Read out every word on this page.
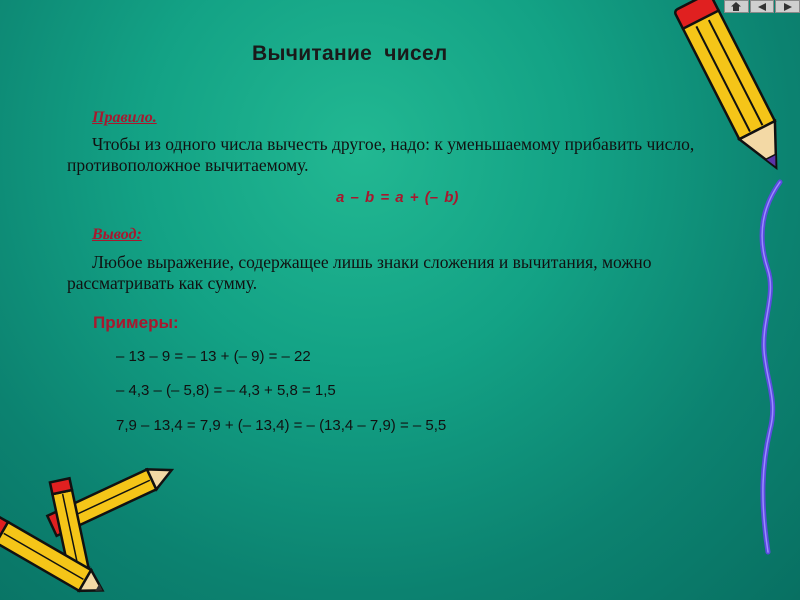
Вычитание чисел
Правило.
Чтобы из одного числа вычесть другое, надо: к уменьшаемому прибавить число, противоположное вычитаемому.
a – b = a + (– b)
Вывод:
Любое выражение, содержащее лишь знаки сложения и вычитания, можно рассматривать как сумму.
Примеры:
– 13 – 9 = – 13 + (– 9) = – 22
– 4,3 – (– 5,8) = – 4,3 + 5,8 = 1,5
7,9 – 13,4 = 7,9 + (– 13,4) = – (13,4 – 7,9) = – 5,5
